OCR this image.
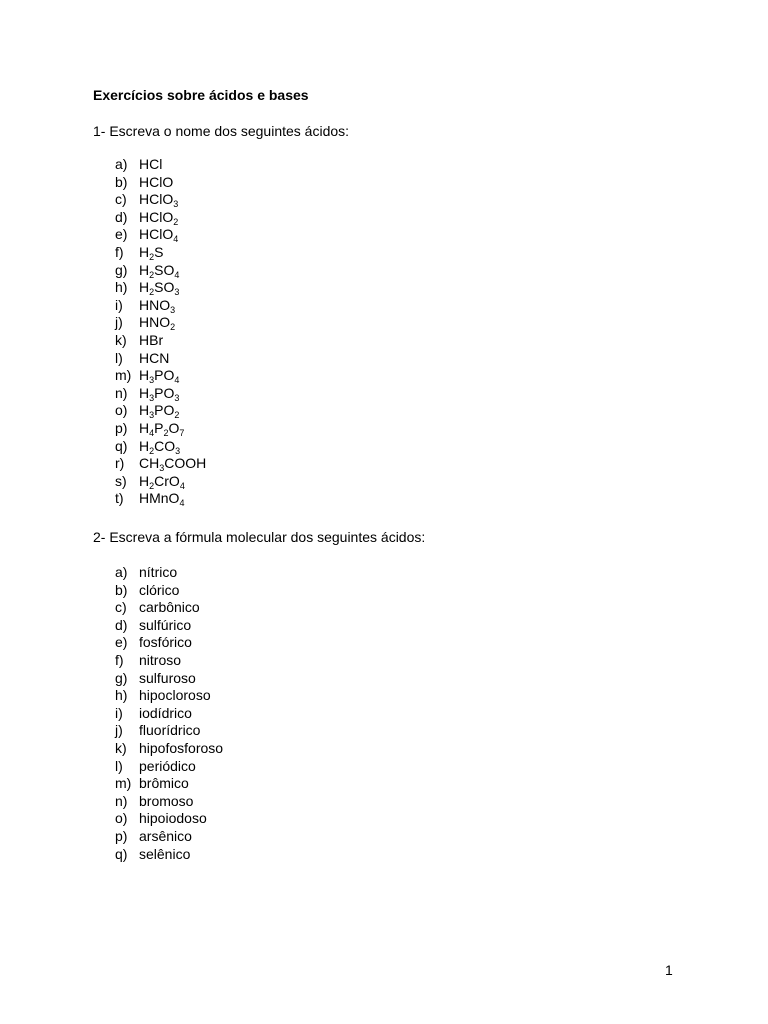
Exercícios sobre ácidos e bases
1- Escreva o nome dos seguintes ácidos:
a) HCl
b) HClO
c) HClO$_3$
d) HClO$_2$
e) HClO$_4$
f) $H_2S$
g) $H_2SO_4$
h) $H_2SO_3$
i) $HNO_3$
j) $HNO_2$
k) HBr
l) HCN
m) $H_3PO_4$
n) $H_3PO_3$
o) $H_3PO_2$
p) $H_4P_2O_7$
q) $H_2CO_3$
r) $CH_3COOH$
s) $H_2CrO_4$
t) HMnO$_4$
2- Escreva a fórmula molecular dos seguintes ácidos:
a) nítrico
b) clórico
c) carbônico
d) sulfúrico
e) fosfórico
f) nitroso
g) sulfuroso
h) hipocloroso
i) iodídrico
j) fluorídrico
k) hipofosforoso
l) periódico
m) brômico
n) bromoso
o) hipoiodoso
p) arsênico
q) selênico
1
